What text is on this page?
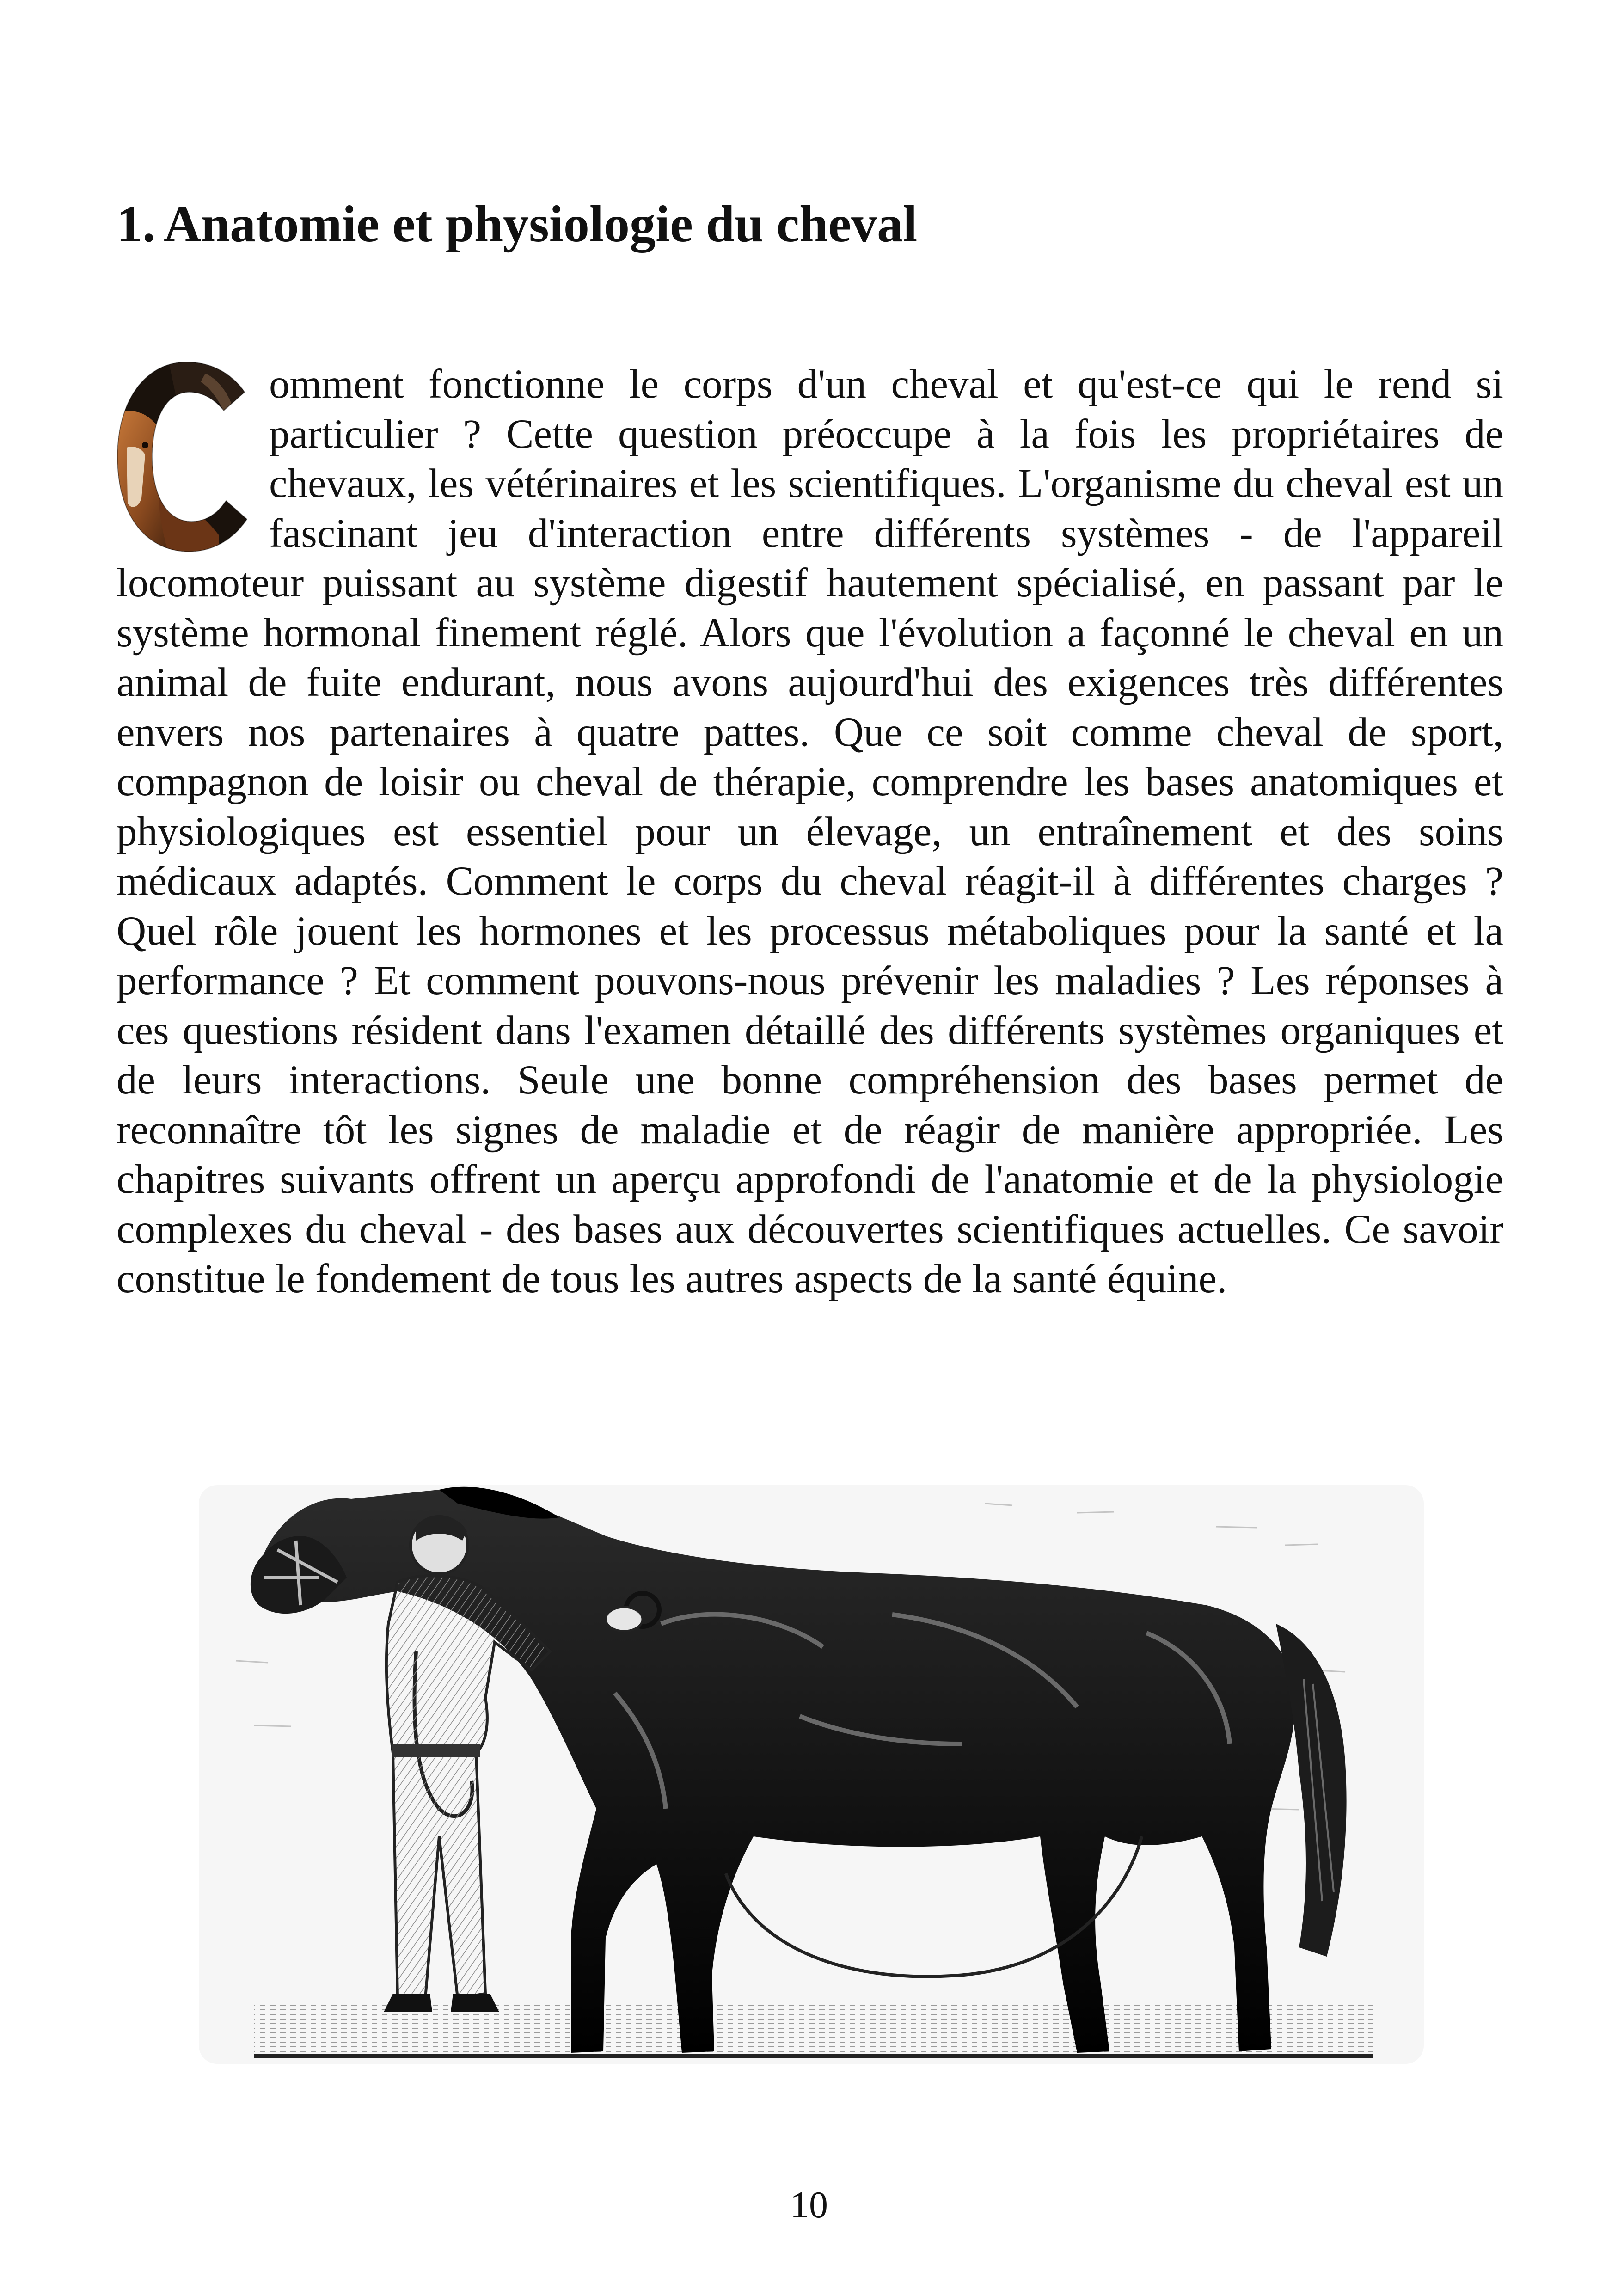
1. Anatomie et physiologie du cheval

omment fonctionne le corps d'un cheval et qu'est-ce qui le rend si particulier ? Cette question préoccupe à la fois les propriétaires de chevaux, les vétérinaires et les scientifiques. L'organisme du cheval est un fascinant jeu d'interaction entre différents systèmes - de l'appareil locomoteur puissant au système digestif hautement spécialisé, en passant par le système hormonal finement réglé. Alors que l'évolution a façonné le cheval en un animal de fuite endurant, nous avons aujourd'hui des exigences très différentes envers nos partenaires à quatre pattes. Que ce soit comme cheval de sport, compagnon de loisir ou cheval de thérapie, comprendre les bases anatomiques et physiologiques est essentiel pour un élevage, un entraînement et des soins médicaux adaptés. Comment le corps du cheval réagit-il à différentes charges ? Quel rôle jouent les hormones et les processus métaboliques pour la santé et la performance ? Et comment pouvons-nous prévenir les maladies ? Les réponses à ces questions résident dans l'examen détaillé des différents systèmes organiques et de leurs interactions. Seule une bonne compréhension des bases permet de reconnaître tôt les signes de maladie et de réagir de manière appropriée. Les chapitres suivants offrent un aperçu approfondi de l'anatomie et de la physiologie complexes du cheval - des bases aux découvertes scientifiques actuelles. Ce savoir constitue le fondement de tous les autres aspects de la santé équine.

10
